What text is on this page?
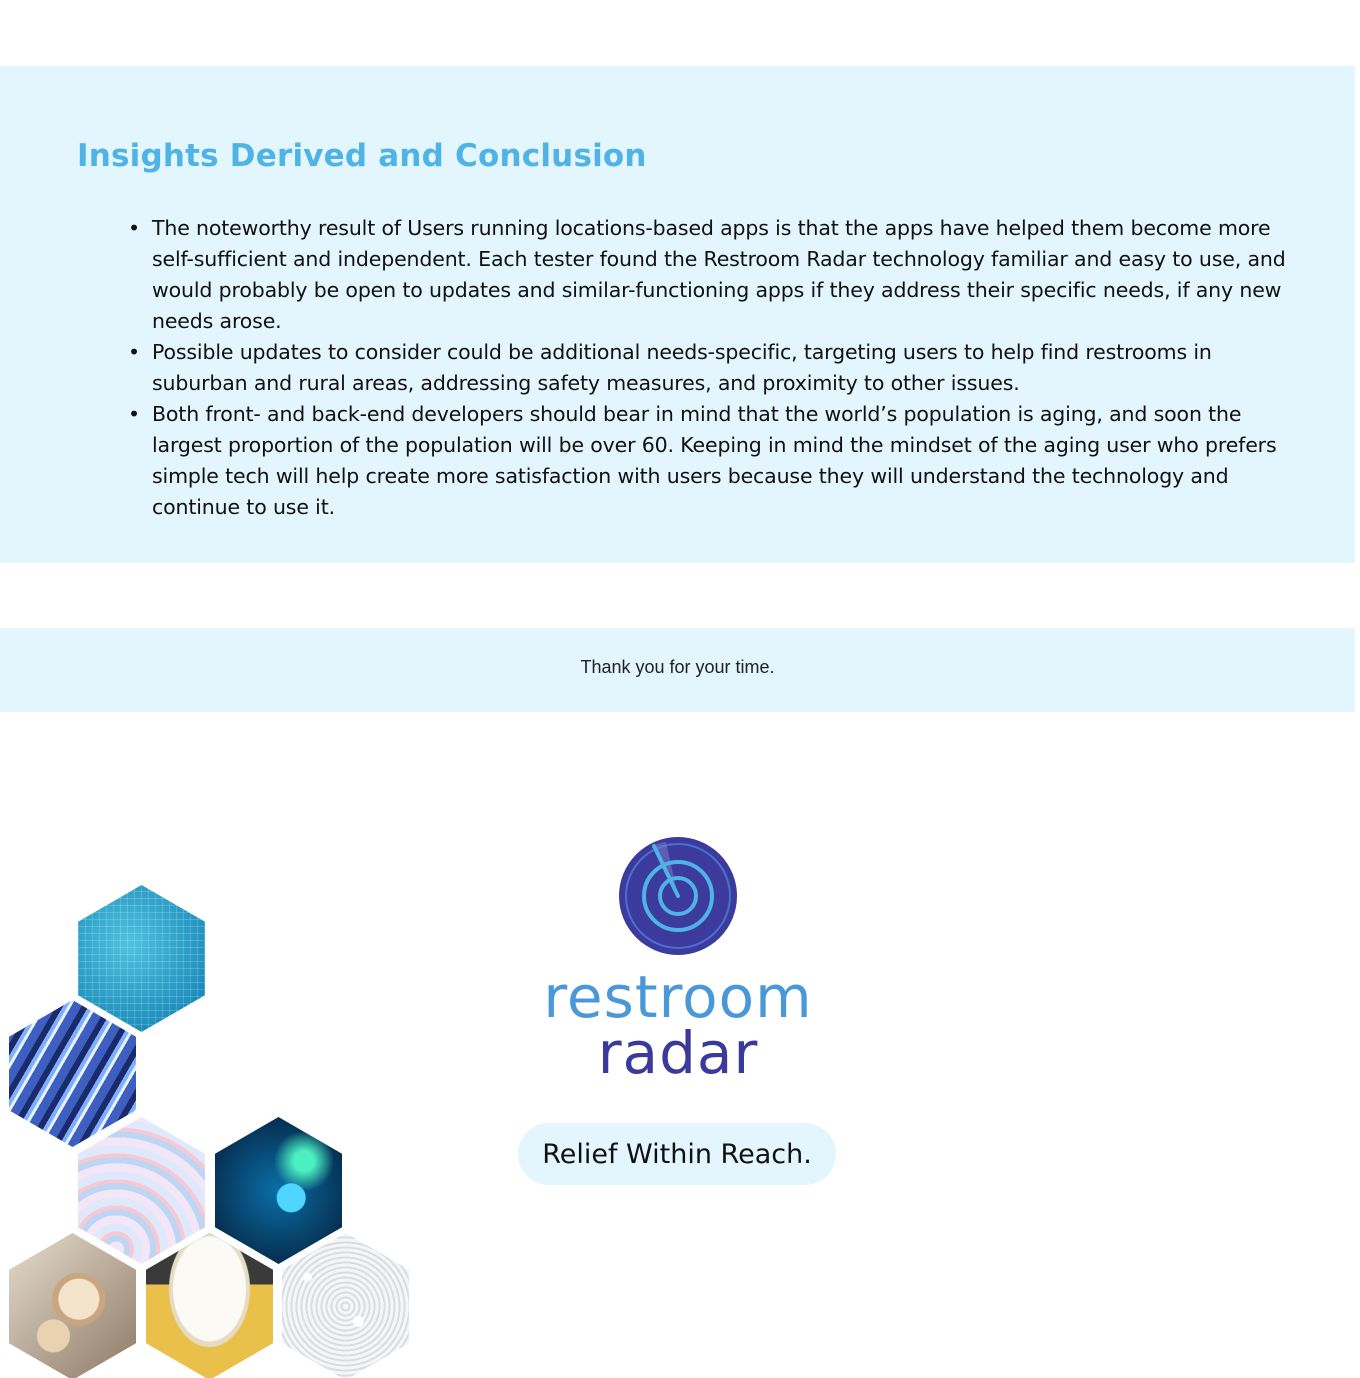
Insights Derived and Conclusion
• The noteworthy result of Users running locations-based apps is that the apps have helped them become more self-sufficient and independent. Each tester found the Restroom Radar technology familiar and easy to use, and would probably be open to updates and similar-functioning apps if they address their specific needs, if any new needs arose.
• Possible updates to consider could be additional needs-specific, targeting users to help find restrooms in suburban and rural areas, addressing safety measures, and proximity to other issues.
• Both front- and back-end developers should bear in mind that the world’s population is aging, and soon the largest proportion of the population will be over 60. Keeping in mind the mindset of the aging user who prefers simple tech will help create more satisfaction with users because they will understand the technology and continue to use it.

Thank you for your time.

restroom
radar
Relief Within Reach.
